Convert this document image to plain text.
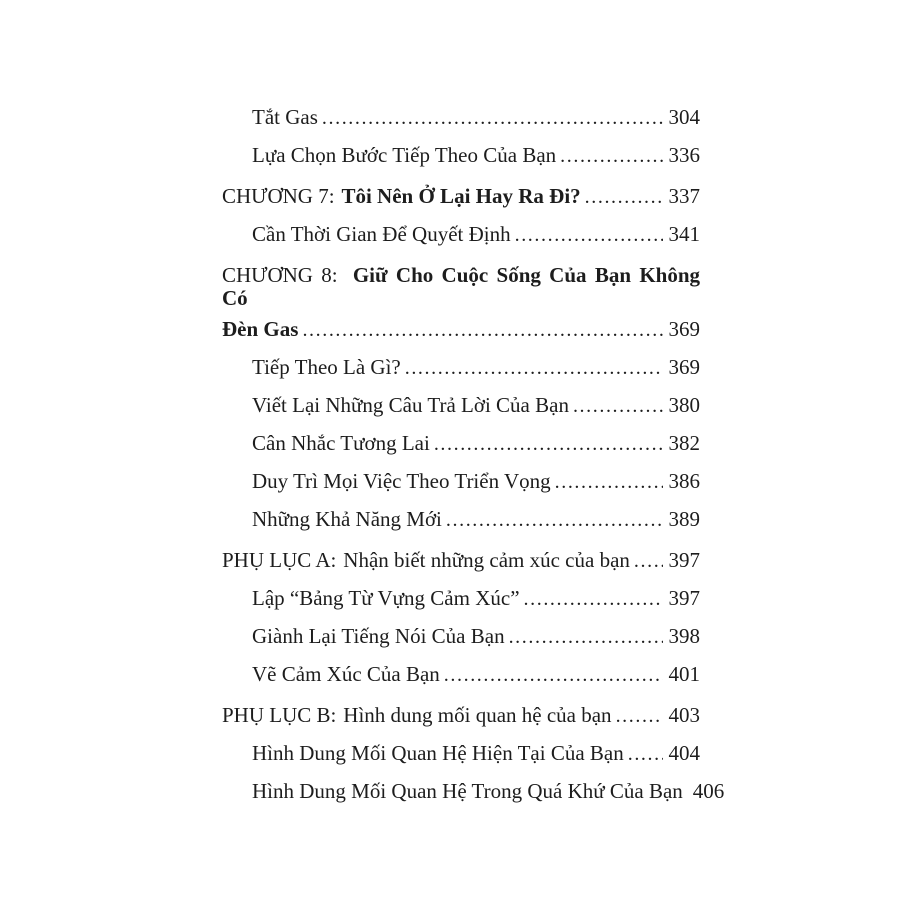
Tắt Gas .....	304
Lựa Chọn Bước Tiếp Theo Của Bạn .....	336
CHƯƠNG 7: Tôi Nên Ở Lại Hay Ra Đi? .....	337
Cần Thời Gian Để Quyết Định .....	341
CHƯƠNG 8: Giữ Cho Cuộc Sống Của Bạn Không Có
Đèn Gas .....	369
Tiếp Theo Là Gì? .....	369
Viết Lại Những Câu Trả Lời Của Bạn .....	380
Cân Nhắc Tương Lai .....	382
Duy Trì Mọi Việc Theo Triển Vọng .....	386
Những Khả Năng Mới .....	389
PHỤ LỤC A: Nhận biết những cảm xúc của bạn ..... 397
Lập “Bảng Từ Vựng Cảm Xúc” .....	397
Giành Lại Tiếng Nói Của Bạn .....	398
Vẽ Cảm Xúc Của Bạn .....	401
PHỤ LỤC B: Hình dung mối quan hệ của bạn .....	403
Hình Dung Mối Quan Hệ Hiện Tại Của Bạn ..... 404
Hình Dung Mối Quan Hệ Trong Quá Khứ Của Bạn 406
